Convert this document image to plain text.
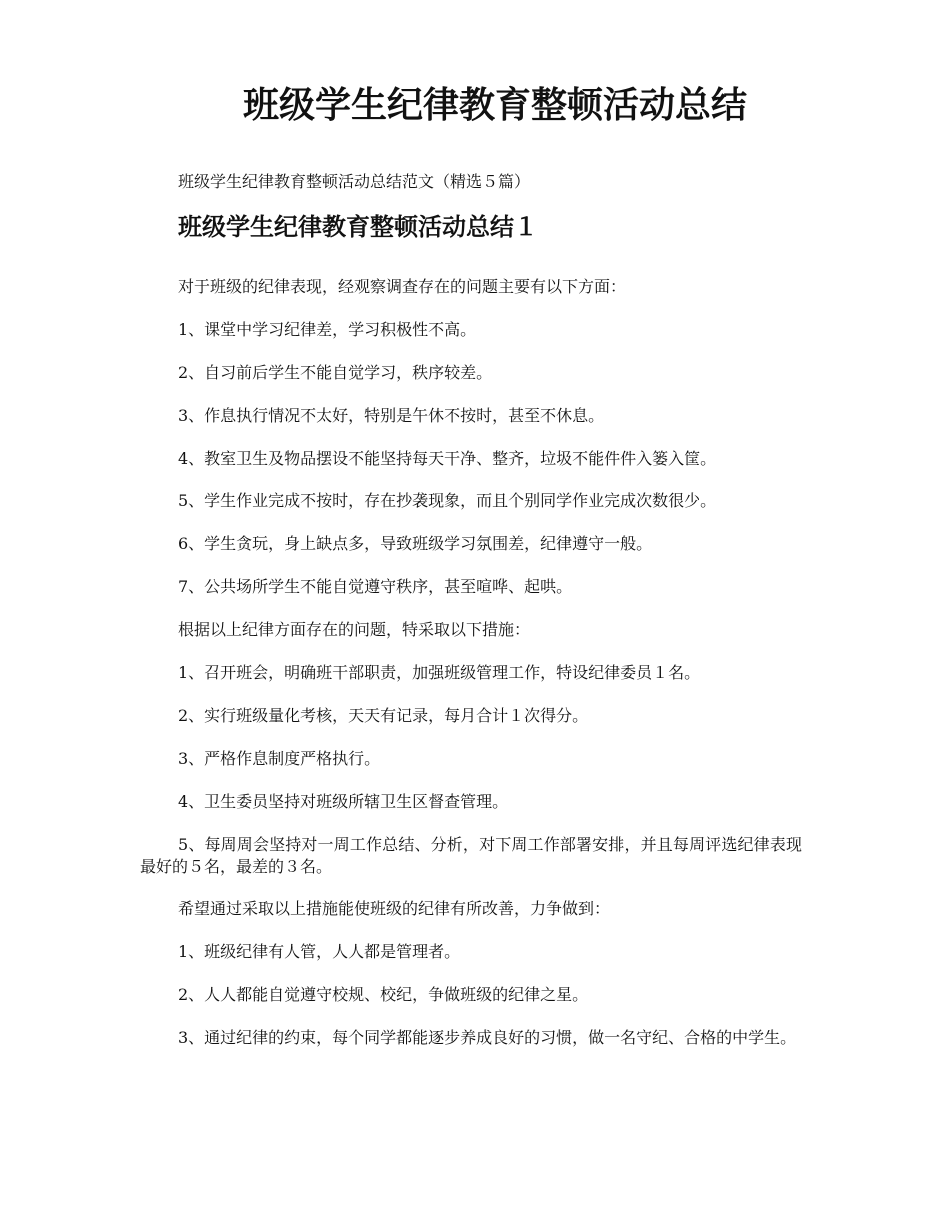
班级学生纪律教育整顿活动总结
班级学生纪律教育整顿活动总结范文（精选５篇）
班级学生纪律教育整顿活动总结１

对于班级的纪律表现，经观察调查存在的问题主要有以下方面：

1、课堂中学习纪律差，学习积极性不高。

2、自习前后学生不能自觉学习，秩序较差。

3、作息执行情况不太好，特别是午休不按时，甚至不休息。

4、教室卫生及物品摆设不能坚持每天干净、整齐，垃圾不能件件入篓入筐。

5、学生作业完成不按时，存在抄袭现象，而且个别同学作业完成次数很少。

6、学生贪玩，身上缺点多，导致班级学习氛围差，纪律遵守一般。

7、公共场所学生不能自觉遵守秩序，甚至喧哗、起哄。

根据以上纪律方面存在的问题，特采取以下措施：

1、召开班会，明确班干部职责，加强班级管理工作，特设纪律委员１名。

2、实行班级量化考核，天天有记录，每月合计１次得分。

3、严格作息制度严格执行。

4、卫生委员坚持对班级所辖卫生区督查管理。

5、每周周会坚持对一周工作总结、分析，对下周工作部署安排，并且每周评选纪律表现最好的５名，最差的３名。

希望通过采取以上措施能使班级的纪律有所改善，力争做到：

1、班级纪律有人管，人人都是管理者。

2、人人都能自觉遵守校规、校纪，争做班级的纪律之星。

3、通过纪律的约束，每个同学都能逐步养成良好的习惯，做一名守纪、合格的中学生。
